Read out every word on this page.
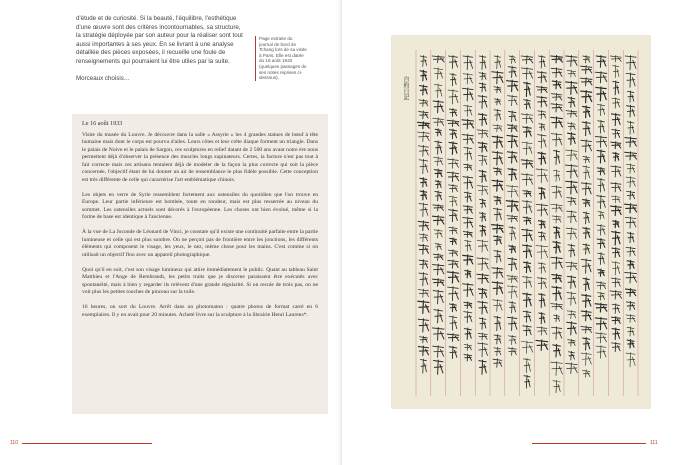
d'étude et de curiosité. Si la beauté, l'équilibre, l'esthétique d'une œuvre sont des critères incontournables, sa structure, la stratégie déployée par son auteur pour la réaliser sont tout aussi importantes à ses yeux. En se livrant à une analyse détaillée des pièces exposées, il recueille une foule de renseignements qui pourraient lui être utiles par la suite.

Morceaux choisis…

Page extraite du journal de bord de Tchang lors de sa visite à Paris. Elle est datée du 16 août 1933 (quelques passages de ses notes reprises ci-dessous).

Le 16 août 1933

Visite du musée du Louvre. Je découvre dans la salle « Assyrie » les 4 grandes statues de bœuf à tête humaine mais dont le corps est pourvu d'ailes. Leurs côtes et leur crête iliaque forment un triangle. Dans le palais de Nuive et le palais de Sargon, ces sculptures en relief datant de 2 500 ans avant notre ère nous permettent déjà d'observer la présence des muscles longs supinateurs. Certes, la facture n'est pas tout à fait correcte mais ces artisans tentaient déjà de modeler de la façon la plus correcte qui soit la pièce concernée, l'objectif étant de lui donner un air de ressemblance le plus fidèle possible. Cette conception est très différente de celle qui caractérise l'art emblématique chinois.

Les objets en verre de Syrie ressemblent fortement aux ustensiles du quotidien que l'on trouve en Europe. Leur partie inférieure est bombée, toute en rondeur, mais est plus resserrée au niveau du sommet. Les ustensiles actuels sont décorés à l'européenne. Les choses ont bien évolué, même si la forme de base est identique à l'ancienne.

À la vue de La Joconde de Léonard de Vinci, je constate qu'il existe une continuité parfaite entre la partie lumineuse et celle qui est plus sombre. On ne perçoit pas de frontière entre les jonctions, les différents éléments qui composent le visage, les yeux, le nez, même chose pour les mains. C'est comme si on utilisait un objectif flou avec un appareil photographique.

Quoi qu'il en soit, c'est son visage lumineux qui attire immédiatement le public. Quant au tableau Saint Matthieu et l'Ange de Rembrandt, les petits traits que je discerne paraissent être exécutés avec spontanéité, mais à bien y regarder ils relèvent d'une grande régularité. Si on recule de trois pas, on ne voit plus les petites touches de pinceau sur la toile.

16 heures, on sort du Louvre. Arrêt dans un photomaton : quatre photos de format carré en 6 exemplaires. Il y en avait pour 20 minutes. Acheté livre sur la sculpture à la librairie Henri Laurens*.

自約日記
110	111
